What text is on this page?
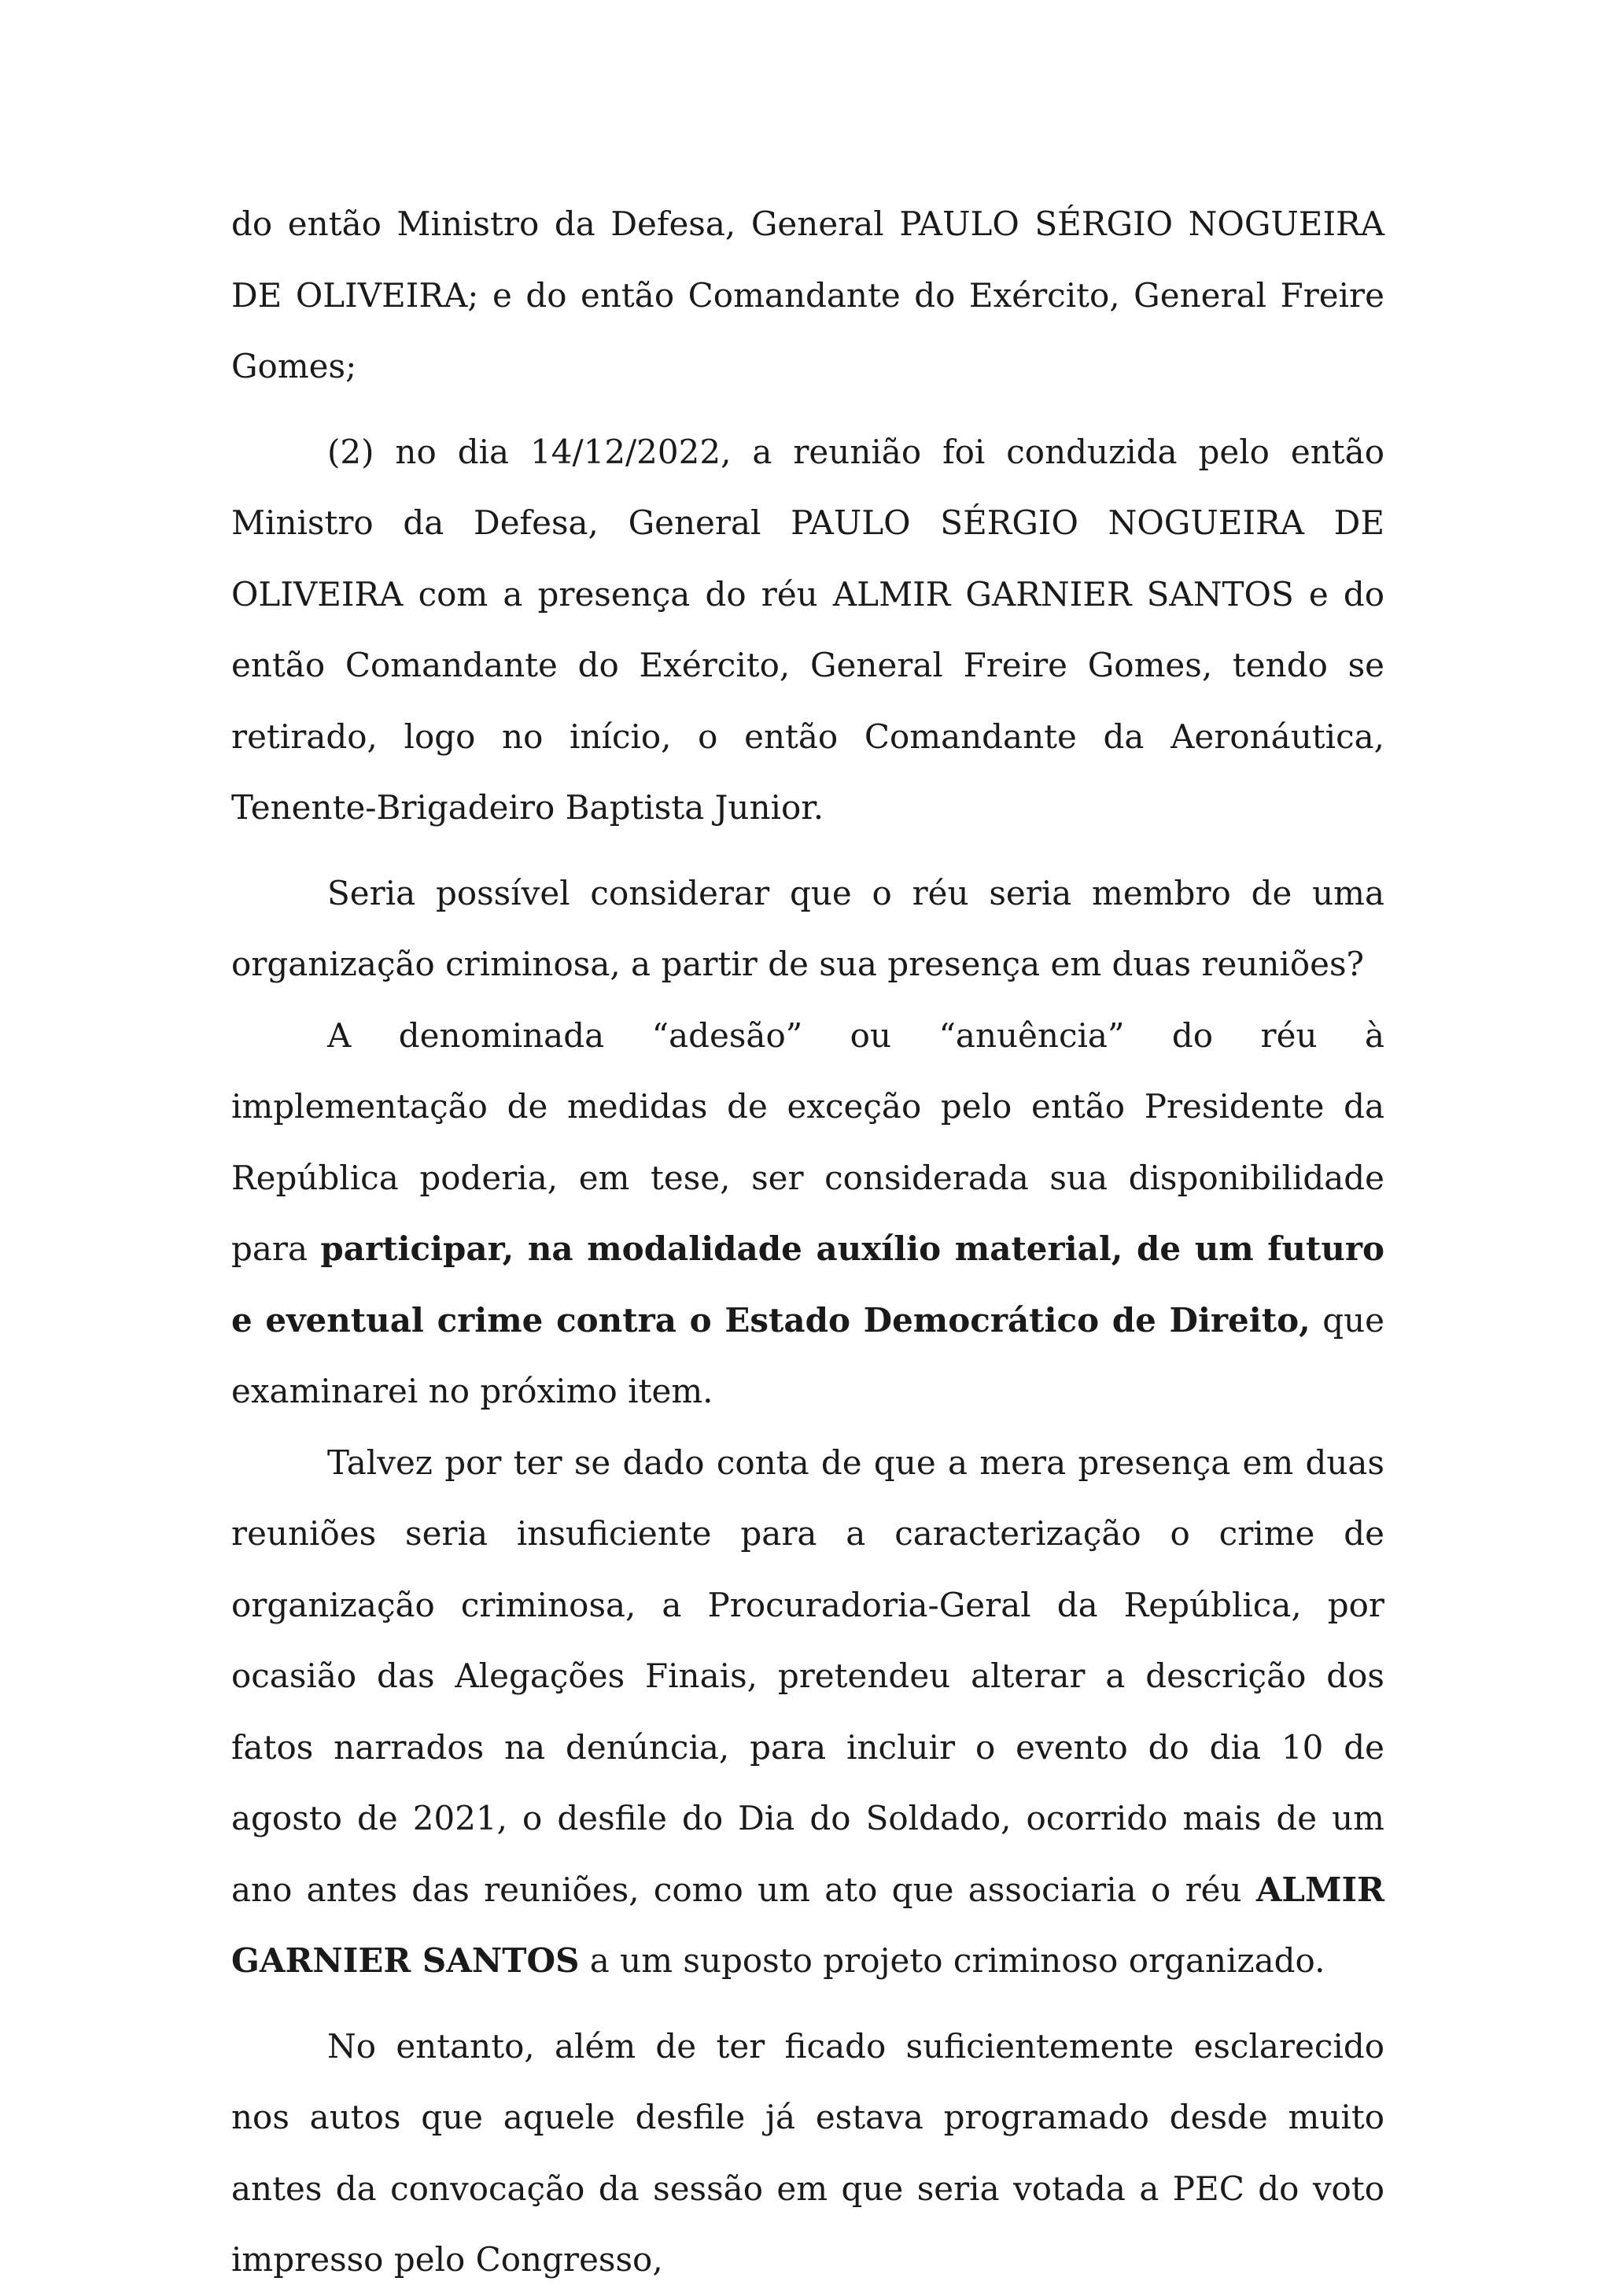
do então Ministro da Defesa, General PAULO SÉRGIO NOGUEIRA DE OLIVEIRA; e do então Comandante do Exército, General Freire Gomes;

(2) no dia 14/12/2022, a reunião foi conduzida pelo então Ministro da Defesa, General PAULO SÉRGIO NOGUEIRA DE OLIVEIRA com a presença do réu ALMIR GARNIER SANTOS e do então Comandante do Exército, General Freire Gomes, tendo se retirado, logo no início, o então Comandante da Aeronáutica, Tenente-Brigadeiro Baptista Junior.

Seria possível considerar que o réu seria membro de uma organização criminosa, a partir de sua presença em duas reuniões?

A denominada “adesão” ou “anuência” do réu à implementação de medidas de exceção pelo então Presidente da República poderia, em tese, ser considerada sua disponibilidade para participar, na modalidade auxílio material, de um futuro e eventual crime contra o Estado Democrático de Direito, que examinarei no próximo item.

Talvez por ter se dado conta de que a mera presença em duas reuniões seria insuficiente para a caracterização o crime de organização criminosa, a Procuradoria-Geral da República, por ocasião das Alegações Finais, pretendeu alterar a descrição dos fatos narrados na denúncia, para incluir o evento do dia 10 de agosto de 2021, o desfile do Dia do Soldado, ocorrido mais de um ano antes das reuniões, como um ato que associaria o réu ALMIR GARNIER SANTOS a um suposto projeto criminoso organizado.

No entanto, além de ter ficado suficientemente esclarecido nos autos que aquele desfile já estava programado desde muito antes da convocação da sessão em que seria votada a PEC do voto impresso pelo Congresso,
